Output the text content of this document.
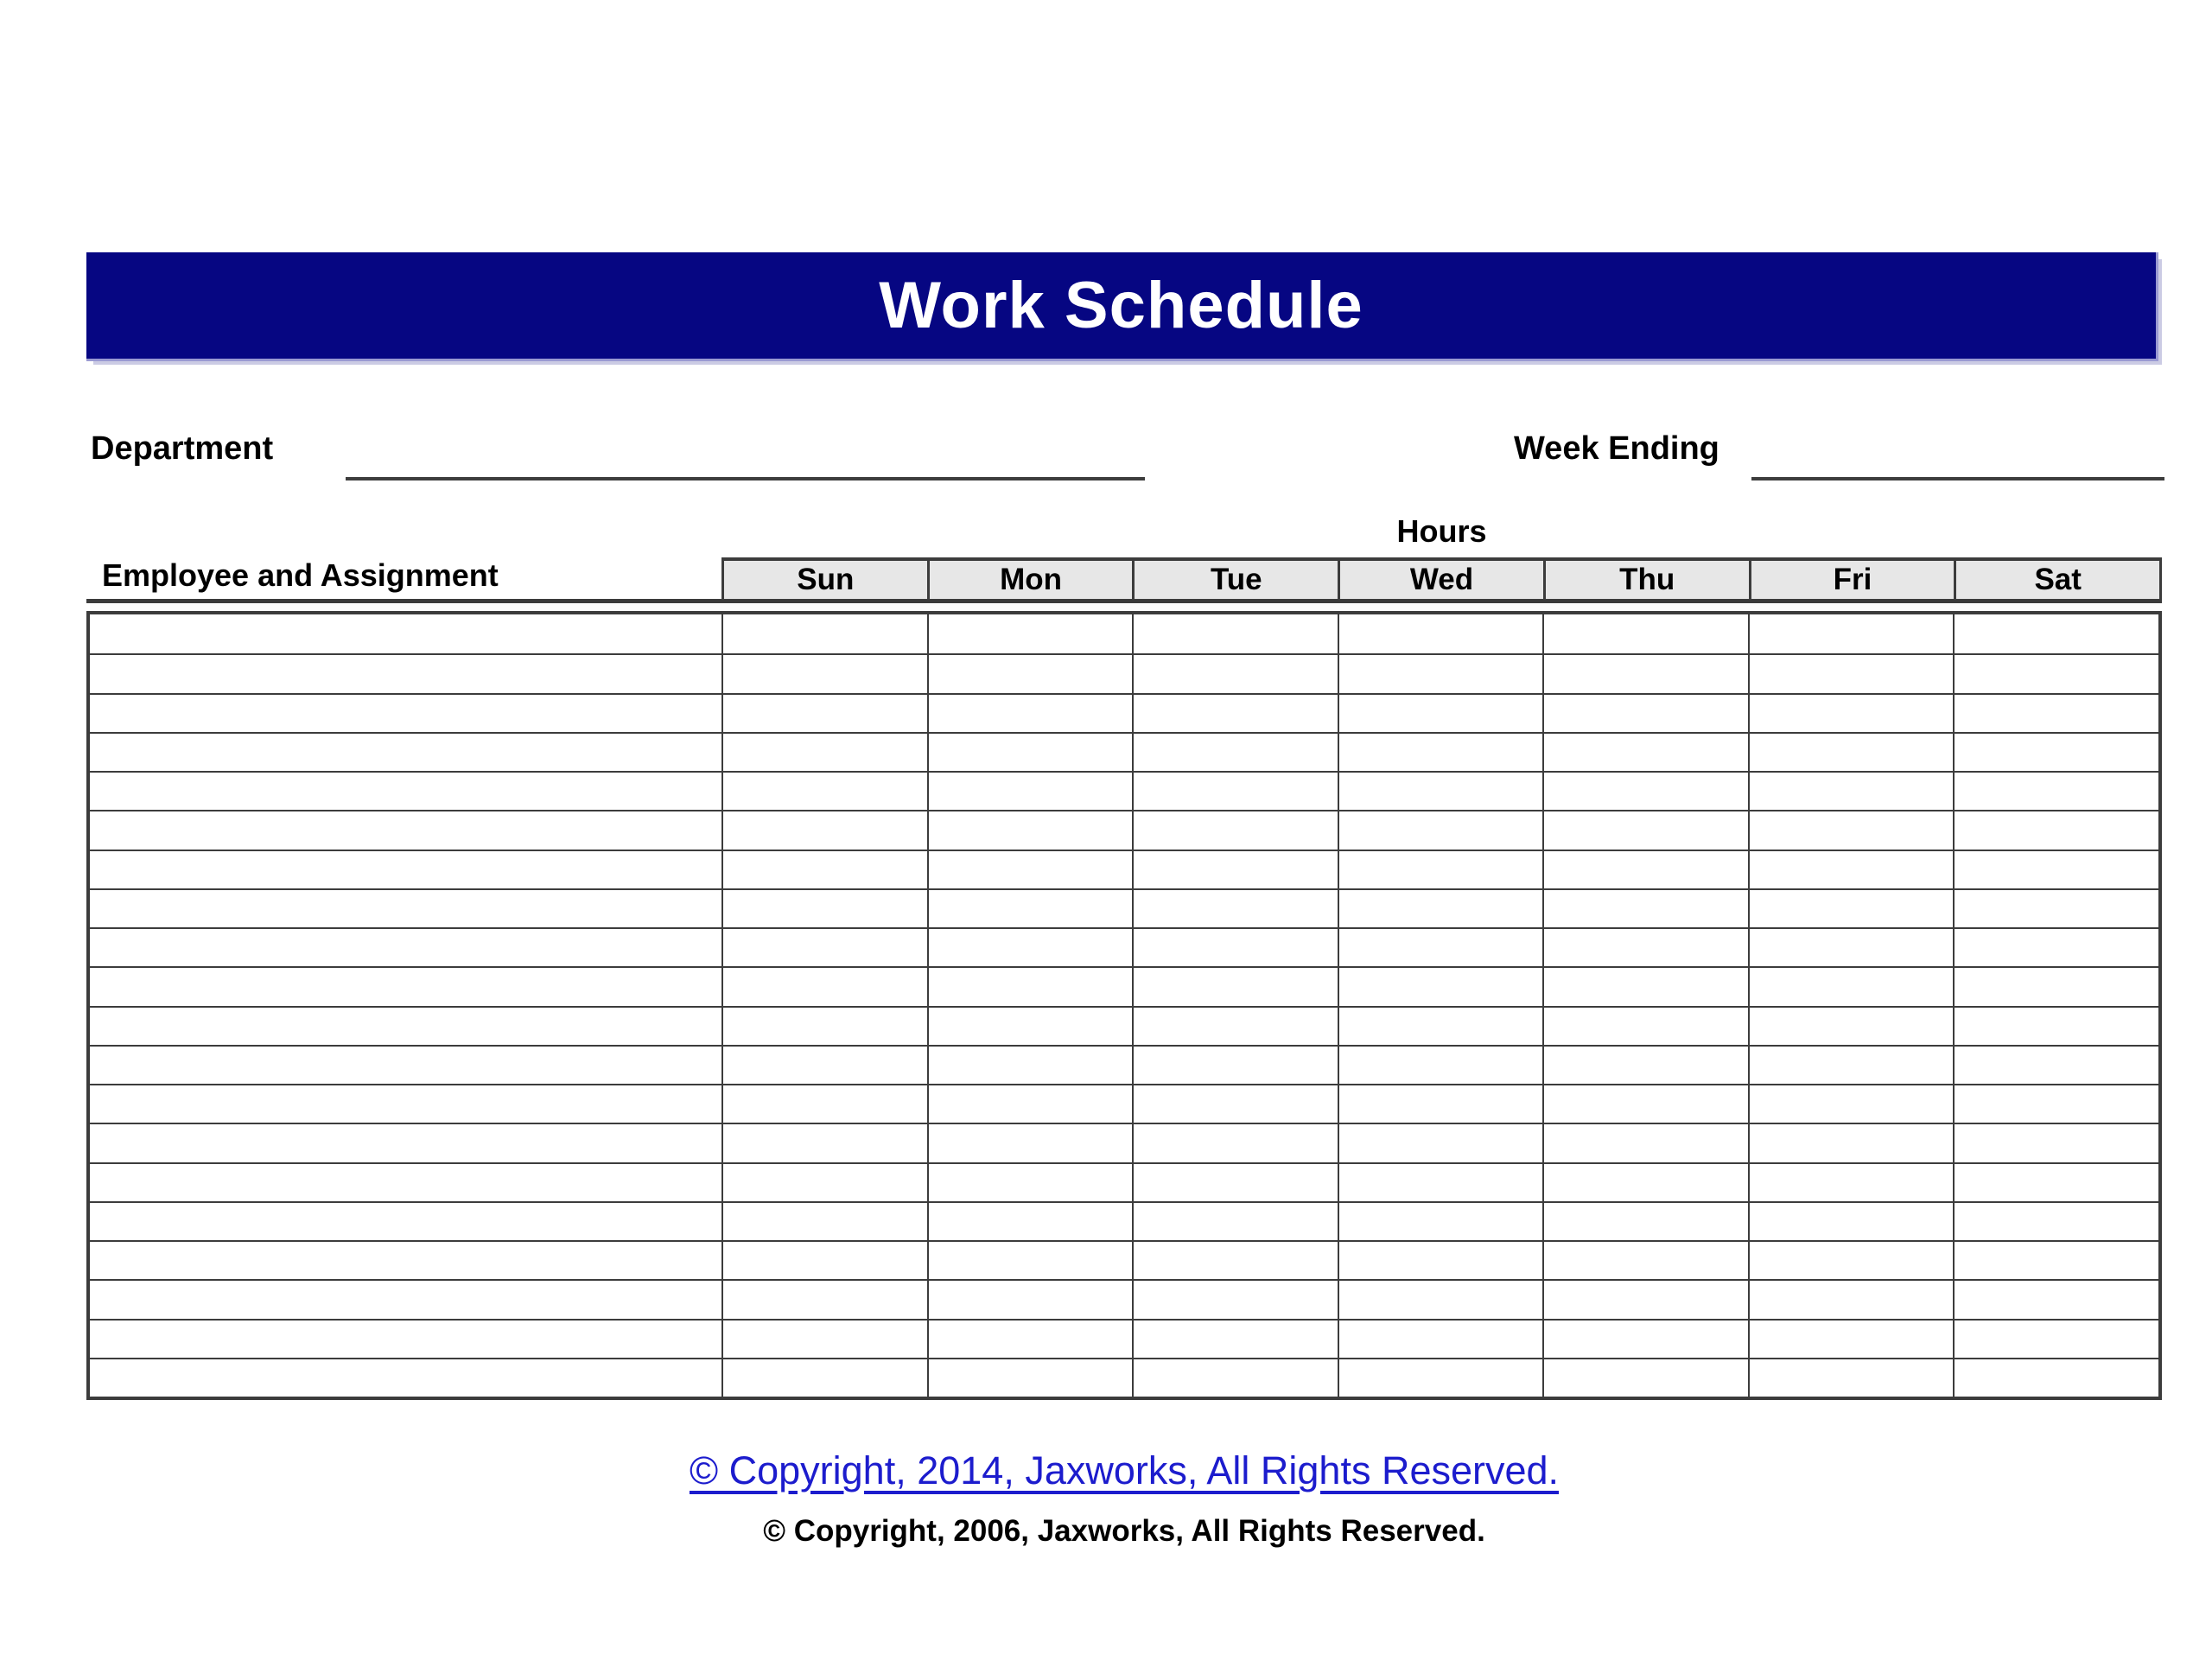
Work Schedule
Department	Week Ending
Hours
Employee and Assignment	Sun	Mon	Tue	Wed	Thu	Fri	Sat
© Copyright, 2014, Jaxworks, All Rights Reserved.
© Copyright, 2006, Jaxworks, All Rights Reserved.
